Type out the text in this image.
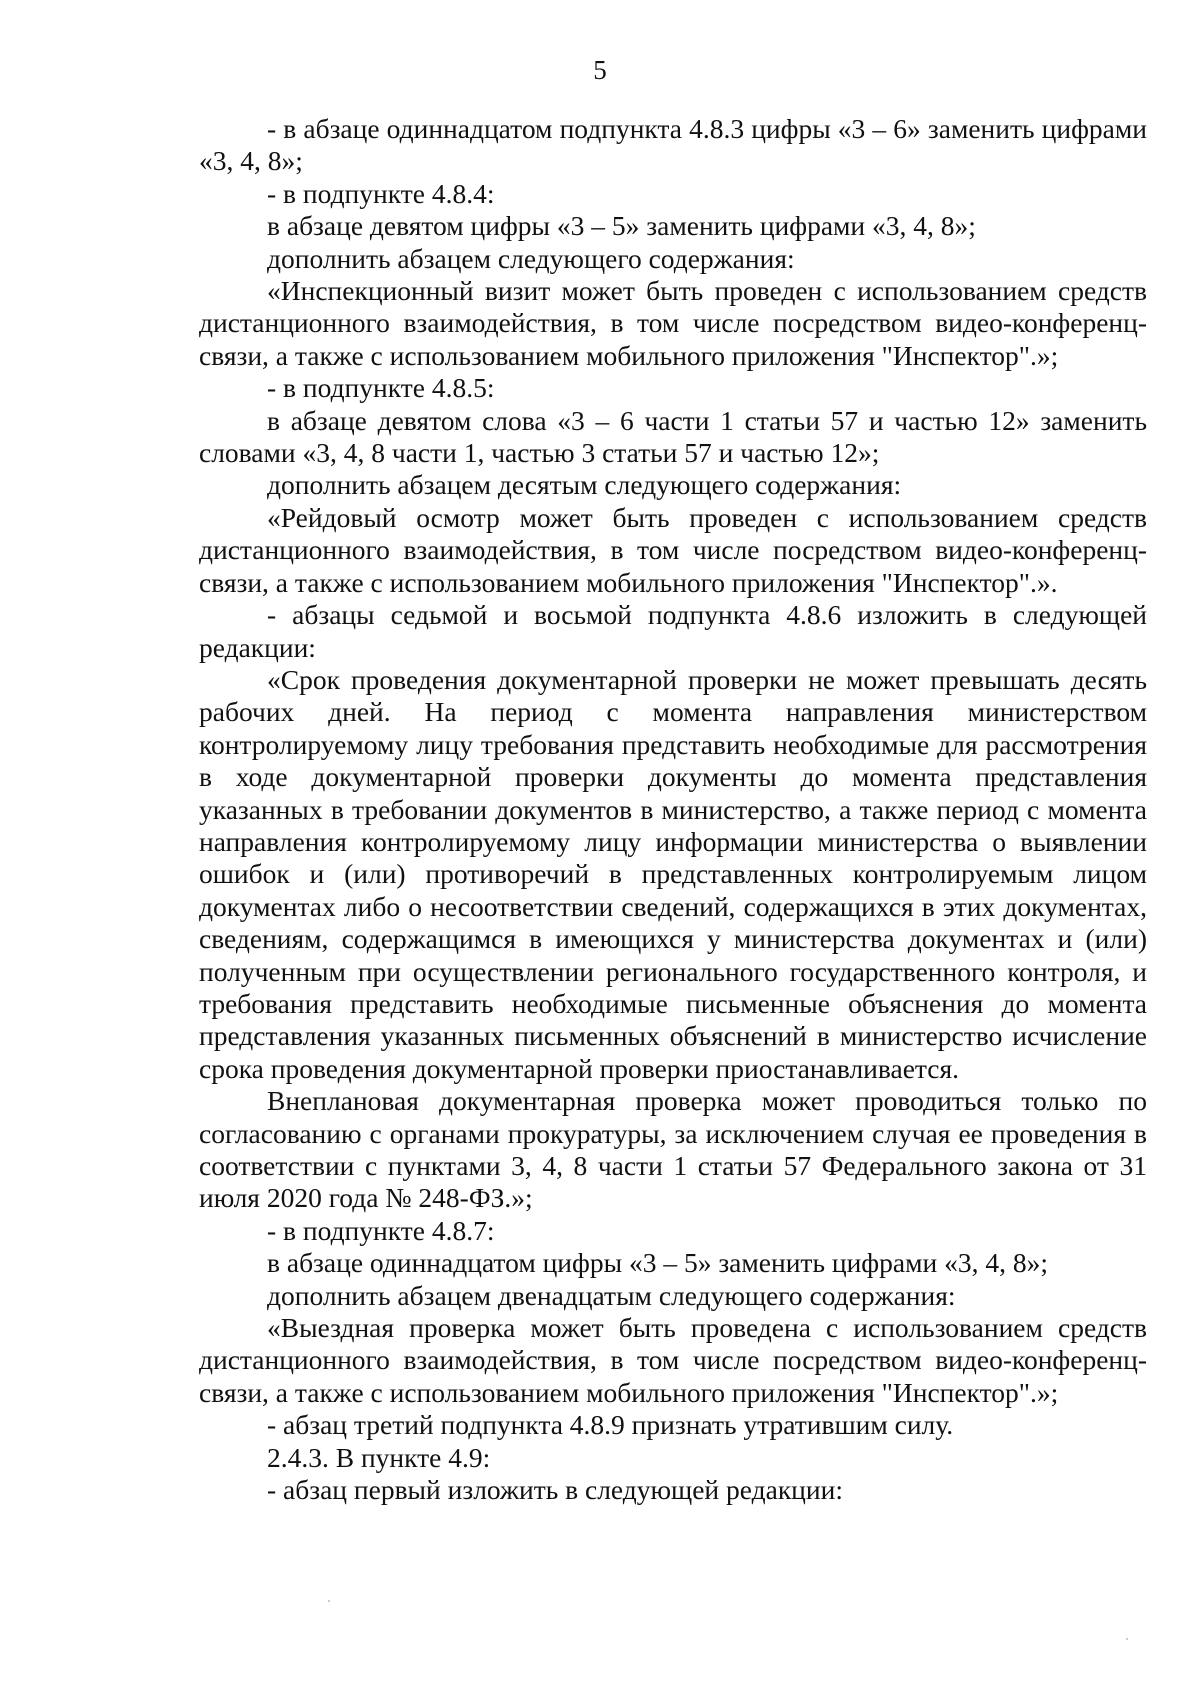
5

- в абзаце одиннадцатом подпункта 4.8.3 цифры «3 – 6» заменить цифрами «3, 4, 8»;

- в подпункте 4.8.4:

в абзаце девятом цифры «3 – 5» заменить цифрами «3, 4, 8»;

дополнить абзацем следующего содержания:

«Инспекционный визит может быть проведен с использованием средств дистанционного взаимодействия, в том числе посредством видео-конференц-связи, а также с использованием мобильного приложения "Инспектор".»;

- в подпункте 4.8.5:

в абзаце девятом слова «3 – 6 части 1 статьи 57 и частью 12» заменить словами «3, 4, 8 части 1, частью 3 статьи 57 и частью 12»;

дополнить абзацем десятым следующего содержания:

«Рейдовый осмотр может быть проведен с использованием средств дистанционного взаимодействия, в том числе посредством видео-конференц-связи, а также с использованием мобильного приложения "Инспектор".».

- абзацы седьмой и восьмой подпункта 4.8.6 изложить в следующей редакции:

«Срок проведения документарной проверки не может превышать десять рабочих дней. На период с момента направления министерством контролируемому лицу требования представить необходимые для рассмотрения в ходе документарной проверки документы до момента представления указанных в требовании документов в министерство, а также период с момента направления контролируемому лицу информации министерства о выявлении ошибок и (или) противоречий в представленных контролируемым лицом документах либо о несоответствии сведений, содержащихся в этих документах, сведениям, содержащимся в имеющихся у министерства документах и (или) полученным при осуществлении регионального государственного контроля, и требования представить необходимые письменные объяснения до момента представления указанных письменных объяснений в министерство исчисление срока проведения документарной проверки приостанавливается.

Внеплановая документарная проверка может проводиться только по согласованию с органами прокуратуры, за исключением случая ее проведения в соответствии с пунктами 3, 4, 8 части 1 статьи 57 Федерального закона от 31 июля 2020 года № 248-ФЗ.»;

- в подпункте 4.8.7:

в абзаце одиннадцатом цифры «3 – 5» заменить цифрами «3, 4, 8»;

дополнить абзацем двенадцатым следующего содержания:

«Выездная проверка может быть проведена с использованием средств дистанционного взаимодействия, в том числе посредством видео-конференц-связи, а также с использованием мобильного приложения "Инспектор".»;

- абзац третий подпункта 4.8.9 признать утратившим силу.

2.4.3. В пункте 4.9:

- абзац первый изложить в следующей редакции:
